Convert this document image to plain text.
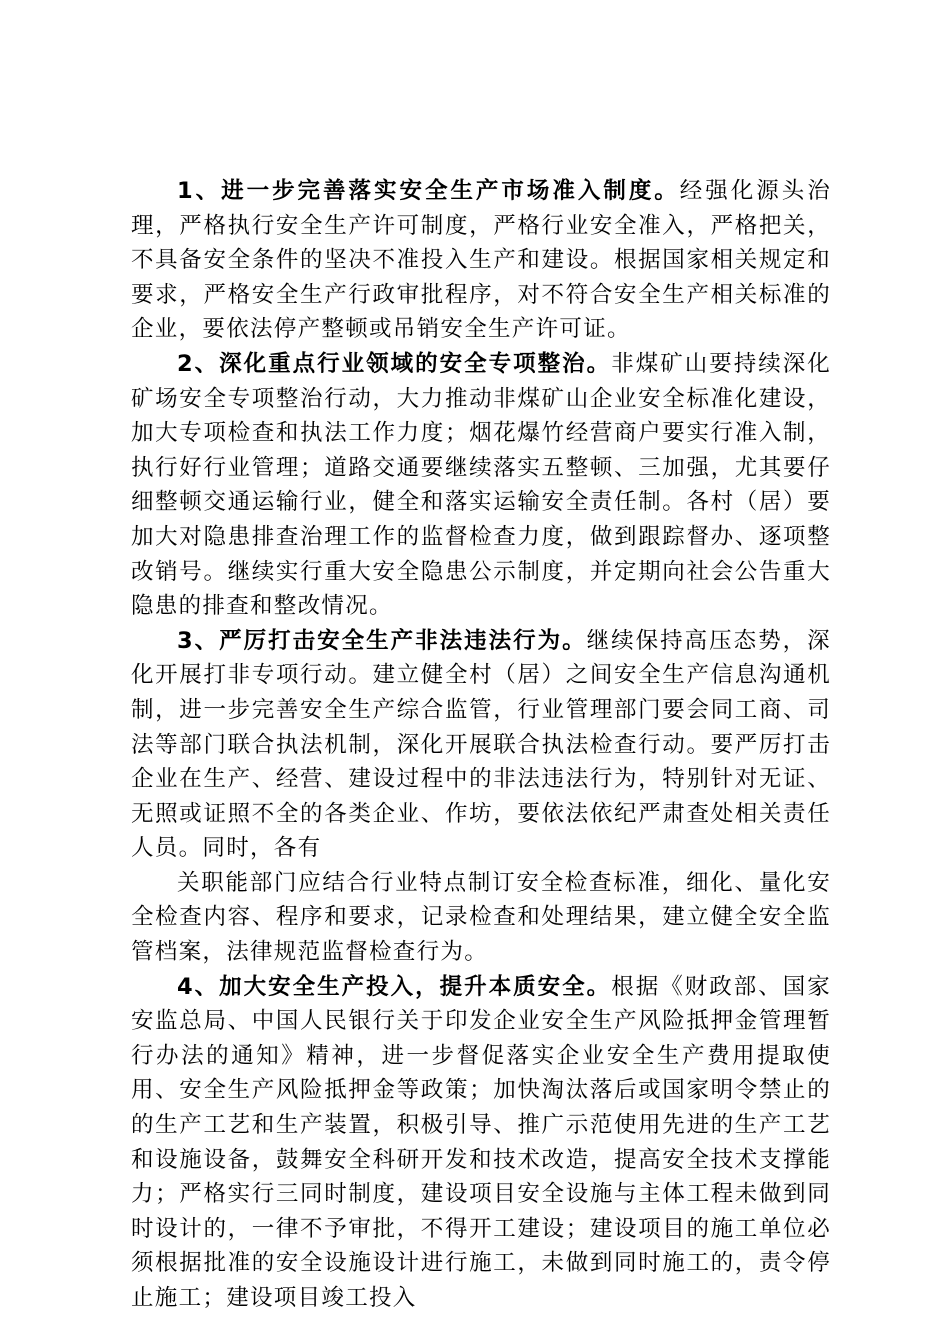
1、进一步完善落实安全生产市场准入制度。经强化源头治理，严格执行安全生产许可制度，严格行业安全准入，严格把关，不具备安全条件的坚决不准投入生产和建设。根据国家相关规定和要求，严格安全生产行政审批程序，对不符合安全生产相关标准的企业，要依法停产整顿或吊销安全生产许可证。

2、深化重点行业领域的安全专项整治。非煤矿山要持续深化矿场安全专项整治行动，大力推动非煤矿山企业安全标准化建设，加大专项检查和执法工作力度；烟花爆竹经营商户要实行准入制，执行好行业管理；道路交通要继续落实五整顿、三加强，尤其要仔细整顿交通运输行业，健全和落实运输安全责任制。各村（居）要加大对隐患排查治理工作的监督检查力度，做到跟踪督办、逐项整改销号。继续实行重大安全隐患公示制度，并定期向社会公告重大隐患的排查和整改情况。

3、严厉打击安全生产非法违法行为。继续保持高压态势，深化开展打非专项行动。建立健全村（居）之间安全生产信息沟通机制，进一步完善安全生产综合监管，行业管理部门要会同工商、司法等部门联合执法机制，深化开展联合执法检查行动。要严厉打击企业在生产、经营、建设过程中的非法违法行为，特别针对无证、无照或证照不全的各类企业、作坊，要依法依纪严肃查处相关责任人员。同时，各有

关职能部门应结合行业特点制订安全检查标准，细化、量化安全检查内容、程序和要求，记录检查和处理结果，建立健全安全监管档案，法律规范监督检查行为。

4、加大安全生产投入，提升本质安全。根据《财政部、国家安监总局、中国人民银行关于印发企业安全生产风险抵押金管理暂行办法的通知》精神，进一步督促落实企业安全生产费用提取使用、安全生产风险抵押金等政策；加快淘汰落后或国家明令禁止的的生产工艺和生产装置，积极引导、推广示范使用先进的生产工艺和设施设备，鼓舞安全科研开发和技术改造，提高安全技术支撑能力；严格实行三同时制度，建设项目安全设施与主体工程未做到同时设计的，一律不予审批，不得开工建设；建设项目的施工单位必须根据批准的安全设施设计进行施工，未做到同时施工的，责令停止施工；建设项目竣工投入
